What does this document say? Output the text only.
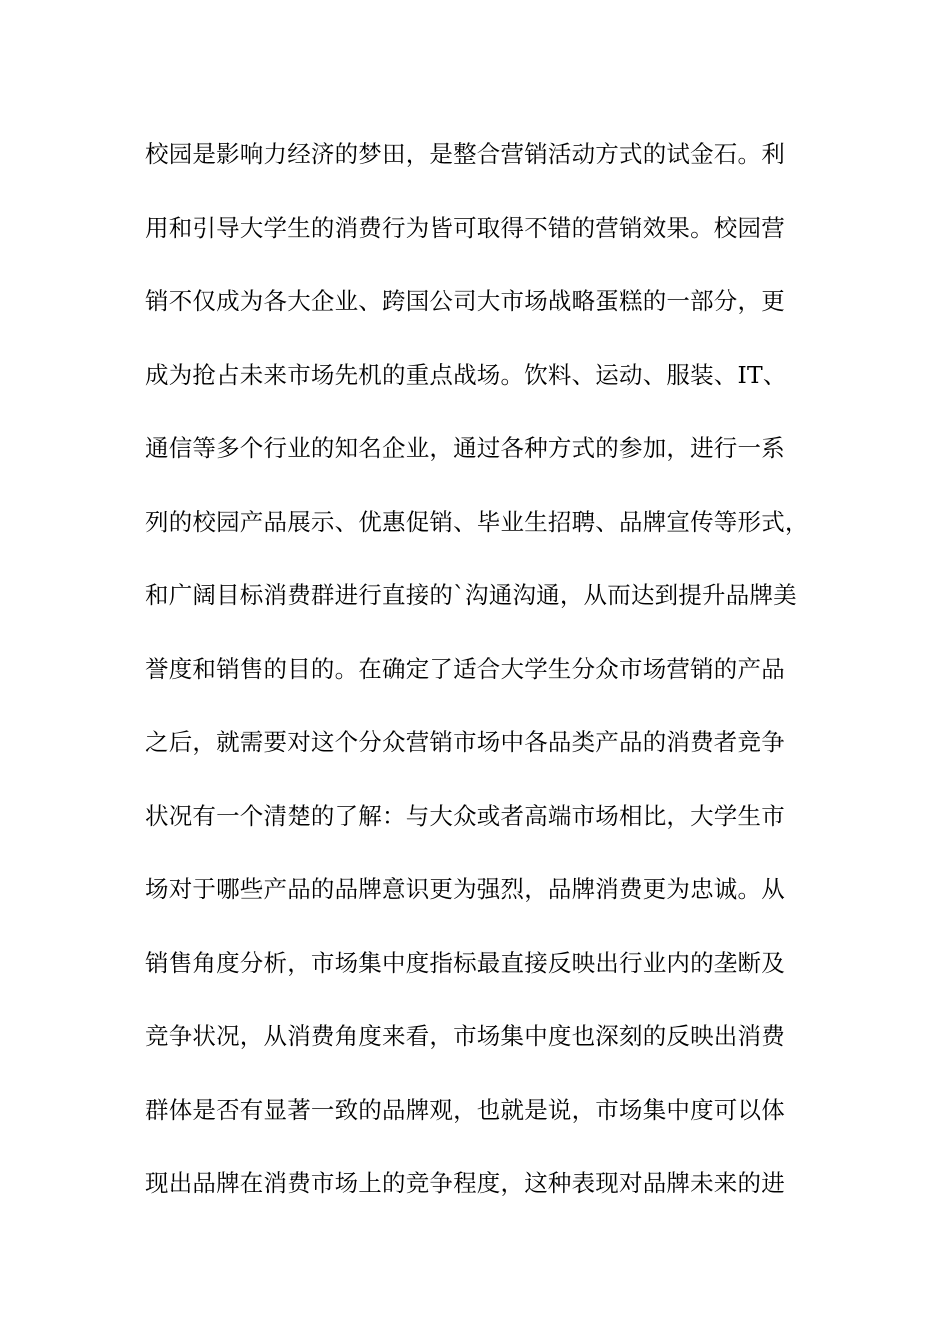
校园是影响力经济的梦田，是整合营销活动方式的试金石。利
用和引导大学生的消费行为皆可取得不错的营销效果。校园营
销不仅成为各大企业、跨国公司大市场战略蛋糕的一部分，更
成为抢占未来市场先机的重点战场。饮料、运动、服装、IT、
通信等多个行业的知名企业，通过各种方式的参加，进行一系
列的校园产品展示、优惠促销、毕业生招聘、品牌宣传等形式，
和广阔目标消费群进行直接的`沟通沟通，从而达到提升品牌美
誉度和销售的目的。在确定了适合大学生分众市场营销的产品
之后，就需要对这个分众营销市场中各品类产品的消费者竞争
状况有一个清楚的了解：与大众或者高端市场相比，大学生市
场对于哪些产品的品牌意识更为强烈，品牌消费更为忠诚。从
销售角度分析，市场集中度指标最直接反映出行业内的垄断及
竞争状况，从消费角度来看，市场集中度也深刻的反映出消费
群体是否有显著一致的品牌观，也就是说，市场集中度可以体
现出品牌在消费市场上的竞争程度，这种表现对品牌未来的进
